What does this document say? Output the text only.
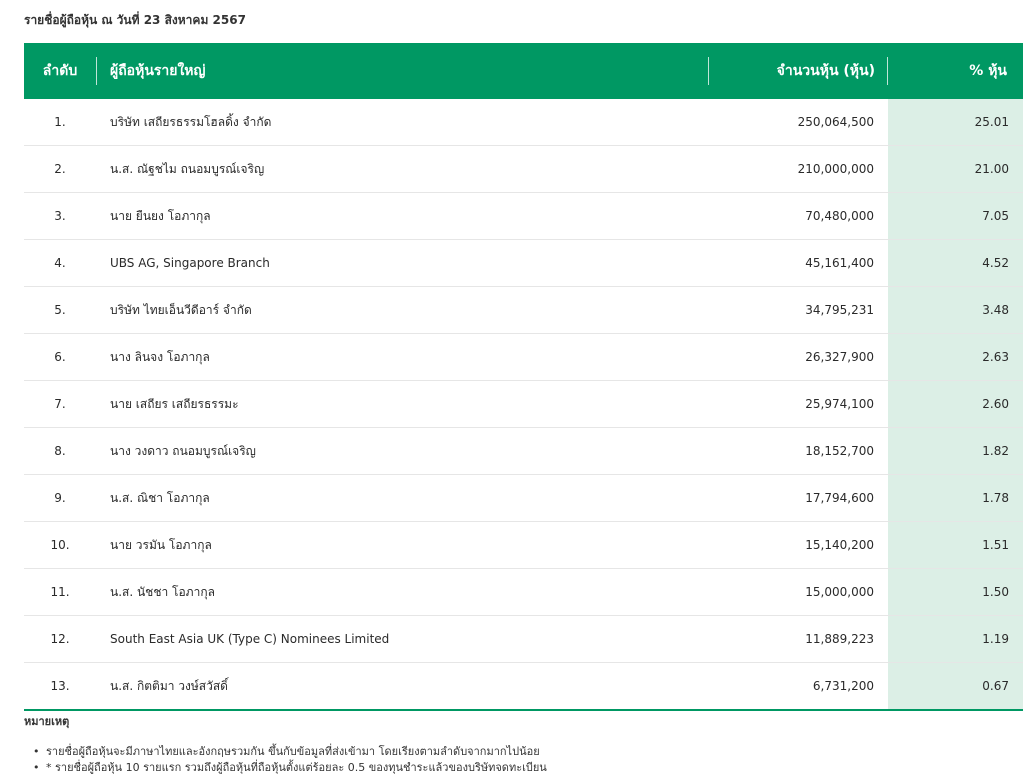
รายชื่อผู้ถือหุ้น ณ วันที่ 23 สิงหาคม 2567
ลำดับ	ผู้ถือหุ้นรายใหญ่	จำนวนหุ้น (หุ้น)	% หุ้น
1.	บริษัท เสถียรธรรมโฮลดิ้ง จำกัด	250,064,500	25.01
2.	น.ส. ณัฐชไม ถนอมบูรณ์เจริญ	210,000,000	21.00
3.	นาย ยืนยง โอภากุล	70,480,000	7.05
4.	UBS AG, Singapore Branch	45,161,400	4.52
5.	บริษัท ไทยเอ็นวีดีอาร์ จำกัด	34,795,231	3.48
6.	นาง ลินจง โอภากุล	26,327,900	2.63
7.	นาย เสถียร เสถียรธรรมะ	25,974,100	2.60
8.	นาง วงดาว ถนอมบูรณ์เจริญ	18,152,700	1.82
9.	น.ส. ณิชา โอภากุล	17,794,600	1.78
10.	นาย วรมัน โอภากุล	15,140,200	1.51
11.	น.ส. นัชชา โอภากุล	15,000,000	1.50
12.	South East Asia UK (Type C) Nominees Limited	11,889,223	1.19
13.	น.ส. กิตติมา วงษ์สวัสดิ์	6,731,200	0.67
หมายเหตุ
• รายชื่อผู้ถือหุ้นจะมีภาษาไทยและอังกฤษรวมกัน ขึ้นกับข้อมูลที่ส่งเข้ามา โดยเรียงตามลำดับจากมากไปน้อย
• * รายชื่อผู้ถือหุ้น 10 รายแรก รวมถึงผู้ถือหุ้นที่ถือหุ้นตั้งแต่ร้อยละ 0.5 ของทุนชำระแล้วของบริษัทจดทะเบียน
